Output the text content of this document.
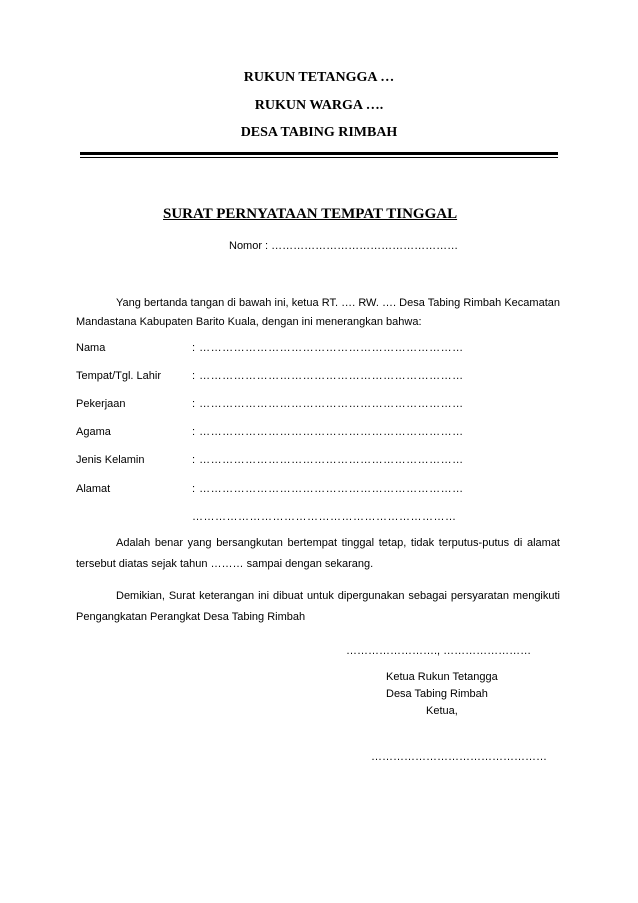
RUKUN TETANGGA …
RUKUN WARGA ….
DESA TABING RIMBAH
SURAT PERNYATAAN TEMPAT TINGGAL
Nomor : ……………………………………………
Yang bertanda tangan di bawah ini, ketua RT. …. RW. …. Desa Tabing Rimbah Kecamatan
Mandastana Kabupaten Barito Kuala, dengan ini menerangkan bahwa:
Nama	: ……………………………………………………………
Tempat/Tgl. Lahir	: ……………………………………………………………
Pekerjaan	: ……………………………………………………………
Agama	: ……………………………………………………………
Jenis Kelamin	: ……………………………………………………………
Alamat	: ……………………………………………………………
……………………………………………………………
Adalah benar yang bersangkutan bertempat tinggal tetap, tidak terputus-putus di alamat
tersebut diatas sejak tahun ……… sampai dengan sekarang.
Demikian, Surat keterangan ini dibuat untuk dipergunakan sebagai persyaratan mengikuti
Pengangkatan Perangkat Desa Tabing Rimbah
……………………., ……………………
Ketua Rukun Tetangga
Desa Tabing Rimbah
Ketua,
…………………………………………
